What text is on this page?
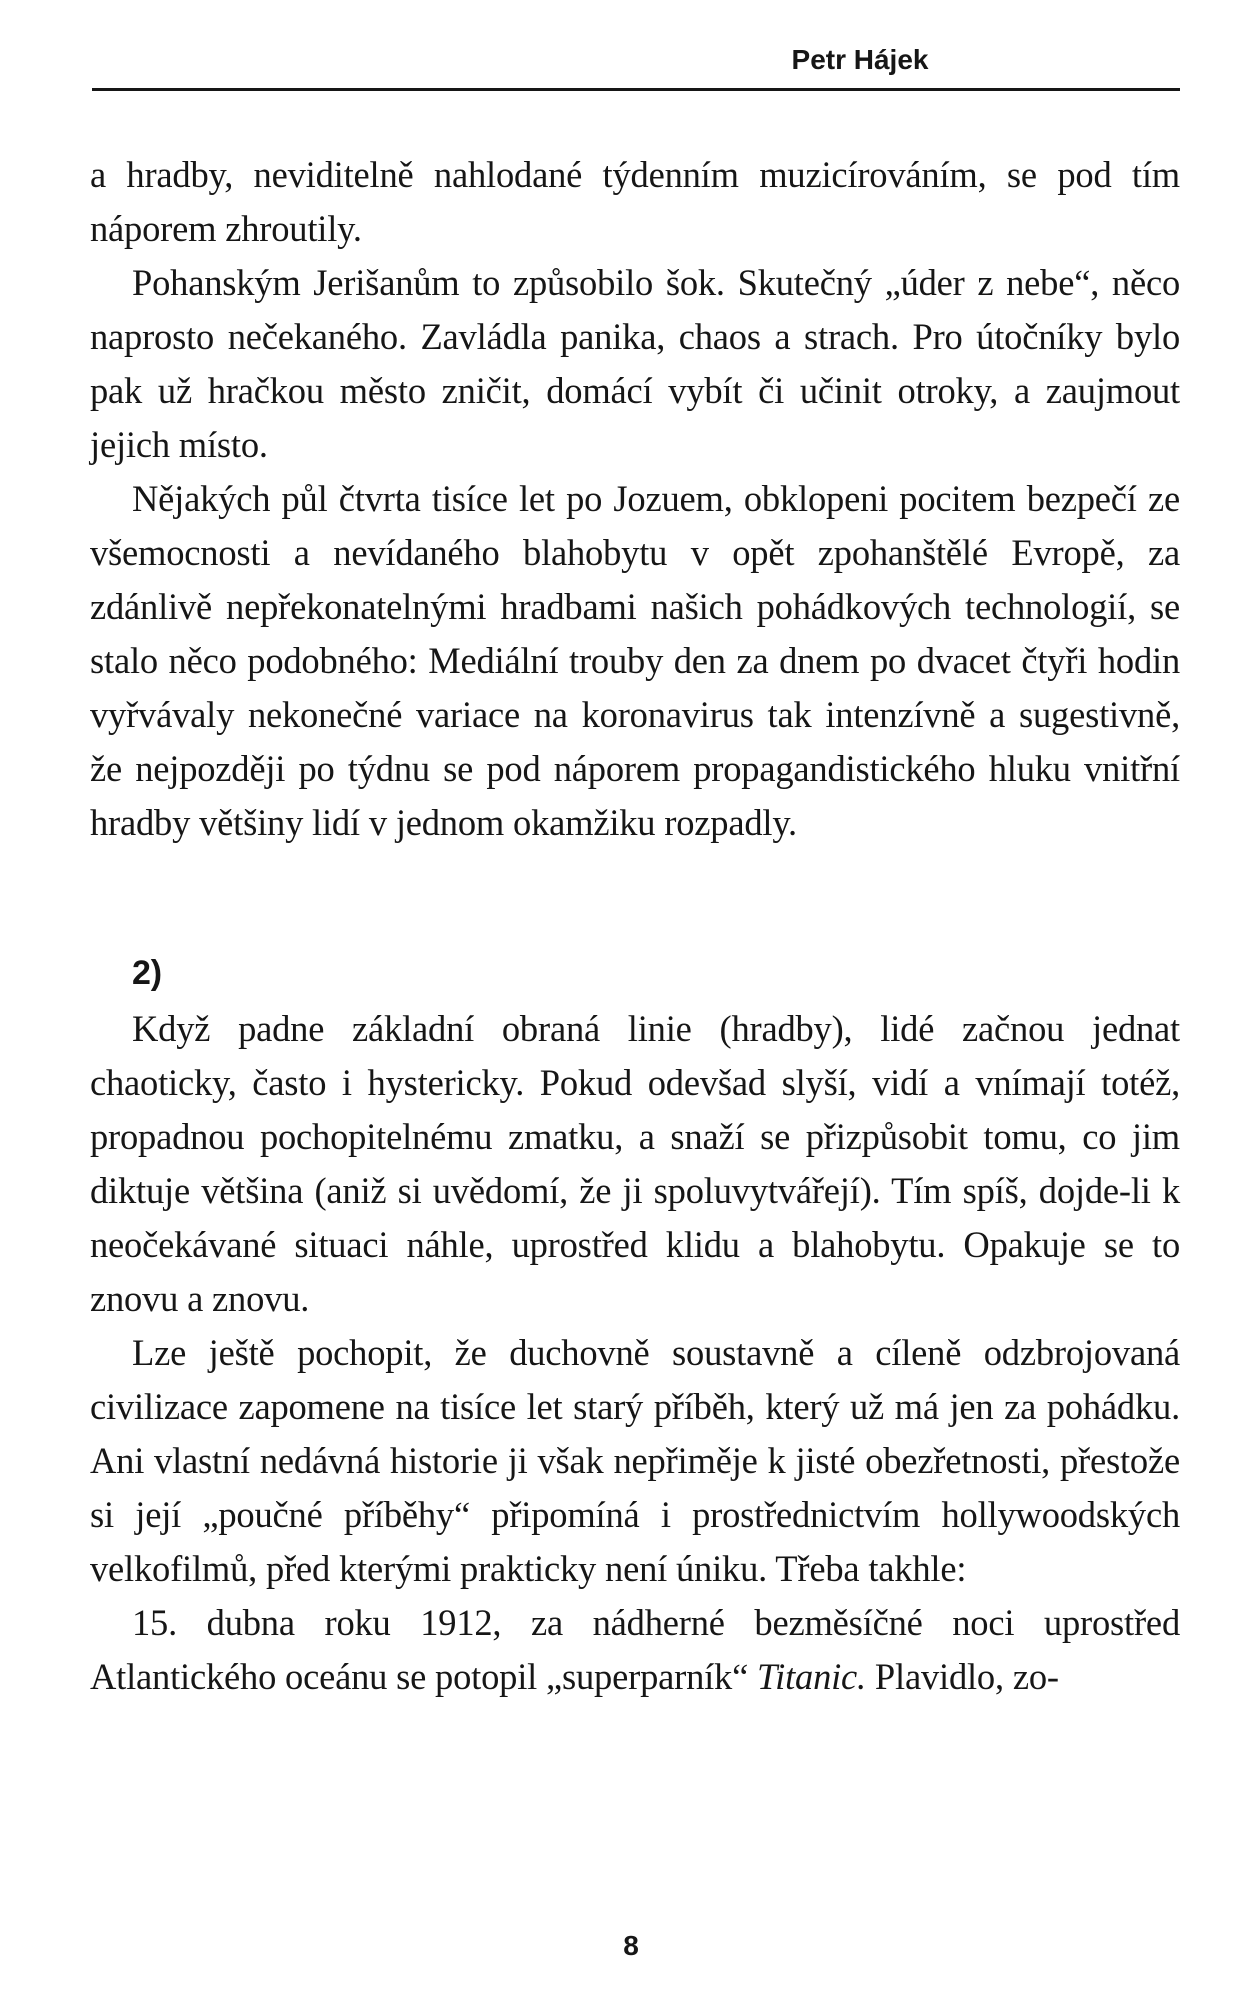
Petr Hájek

a hradby, neviditelně nahlodané týdenním muzicírováním, se pod tím náporem zhroutily.

Pohanským Jerišanům to způsobilo šok. Skutečný „úder z nebe“, něco naprosto nečekaného. Zavládla panika, chaos a strach. Pro útočníky bylo pak už hračkou město zničit, domácí vybít či učinit otroky, a zaujmout jejich místo.

Nějakých půl čtvrta tisíce let po Jozuem, obklopeni pocitem bezpečí ze všemocnosti a nevídaného blahobytu v opět zpohanštělé Evropě, za zdánlivě nepřekonatelnými hradbami našich pohádkových technologií, se stalo něco podobného: Mediální trouby den za dnem po dvacet čtyři hodin vyřvávaly nekonečné variace na koronavirus tak intenzívně a sugestivně, že nejpozději po týdnu se pod náporem propagandistického hluku vnitřní hradby většiny lidí v jednom okamžiku rozpadly.

2)

Když padne základní obraná linie (hradby), lidé začnou jednat chaoticky, často i hystericky. Pokud odevšad slyší, vidí a vnímají totéž, propadnou pochopitelnému zmatku, a snaží se přizpůsobit tomu, co jim diktuje většina (aniž si uvědomí, že ji spoluvytvářejí). Tím spíš, dojde-li k neočekávané situaci náhle, uprostřed klidu a blahobytu. Opakuje se to znovu a znovu.

Lze ještě pochopit, že duchovně soustavně a cíleně odzbrojovaná civilizace zapomene na tisíce let starý příběh, který už má jen za pohádku. Ani vlastní nedávná historie ji však nepřiměje k jisté obezřetnosti, přestože si její „poučné příběhy“ připomíná i prostřednictvím hollywoodských velkofilmů, před kterými prakticky není úniku. Třeba takhle:

15. dubna roku 1912, za nádherné bezměsíčné noci uprostřed Atlantického oceánu se potopil „superparník“ Titanic. Plavidlo, zo-

8
